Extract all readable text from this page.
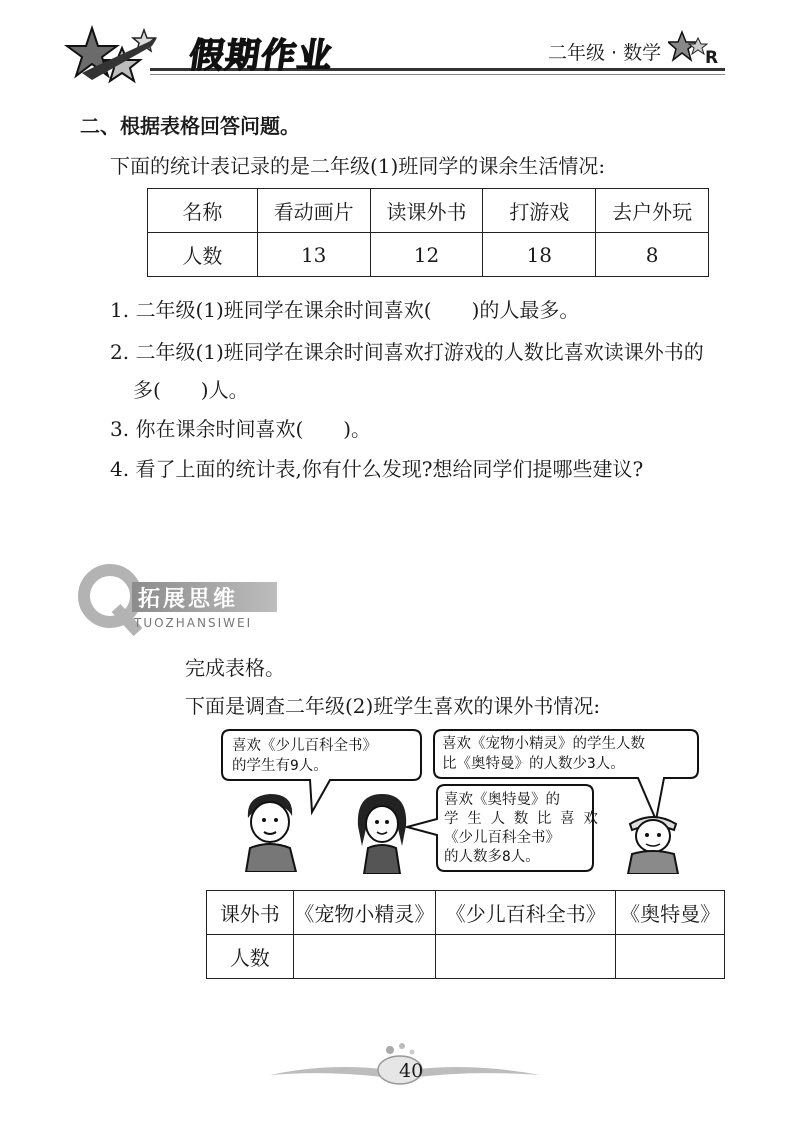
假期作业	二年级 · 数学	R
二、根据表格回答问题。
下面的统计表记录的是二年级(1)班同学的课余生活情况:
名称	看动画片	读课外书	打游戏	去户外玩
人数	13	12	18	8
1. 二年级(1)班同学在课余时间喜欢(　　)的人最多。
2. 二年级(1)班同学在课余时间喜欢打游戏的人数比喜欢读课外书的
多(　　)人。
3. 你在课余时间喜欢(　　)。
4. 看了上面的统计表,你有什么发现?想给同学们提哪些建议?
拓展思维
TUOZHANSIWEI
完成表格。
下面是调查二年级(2)班学生喜欢的课外书情况:
喜欢《少儿百科全书》
的学生有9人。
喜欢《宠物小精灵》的学生人数
比《奥特曼》的人数少3人。
喜欢《奥特曼》的
学 生 人 数 比 喜 欢
《少儿百科全书》
的人数多8人。
课外书	《宠物小精灵》	《少儿百科全书》	《奥特曼》
人数			
40
